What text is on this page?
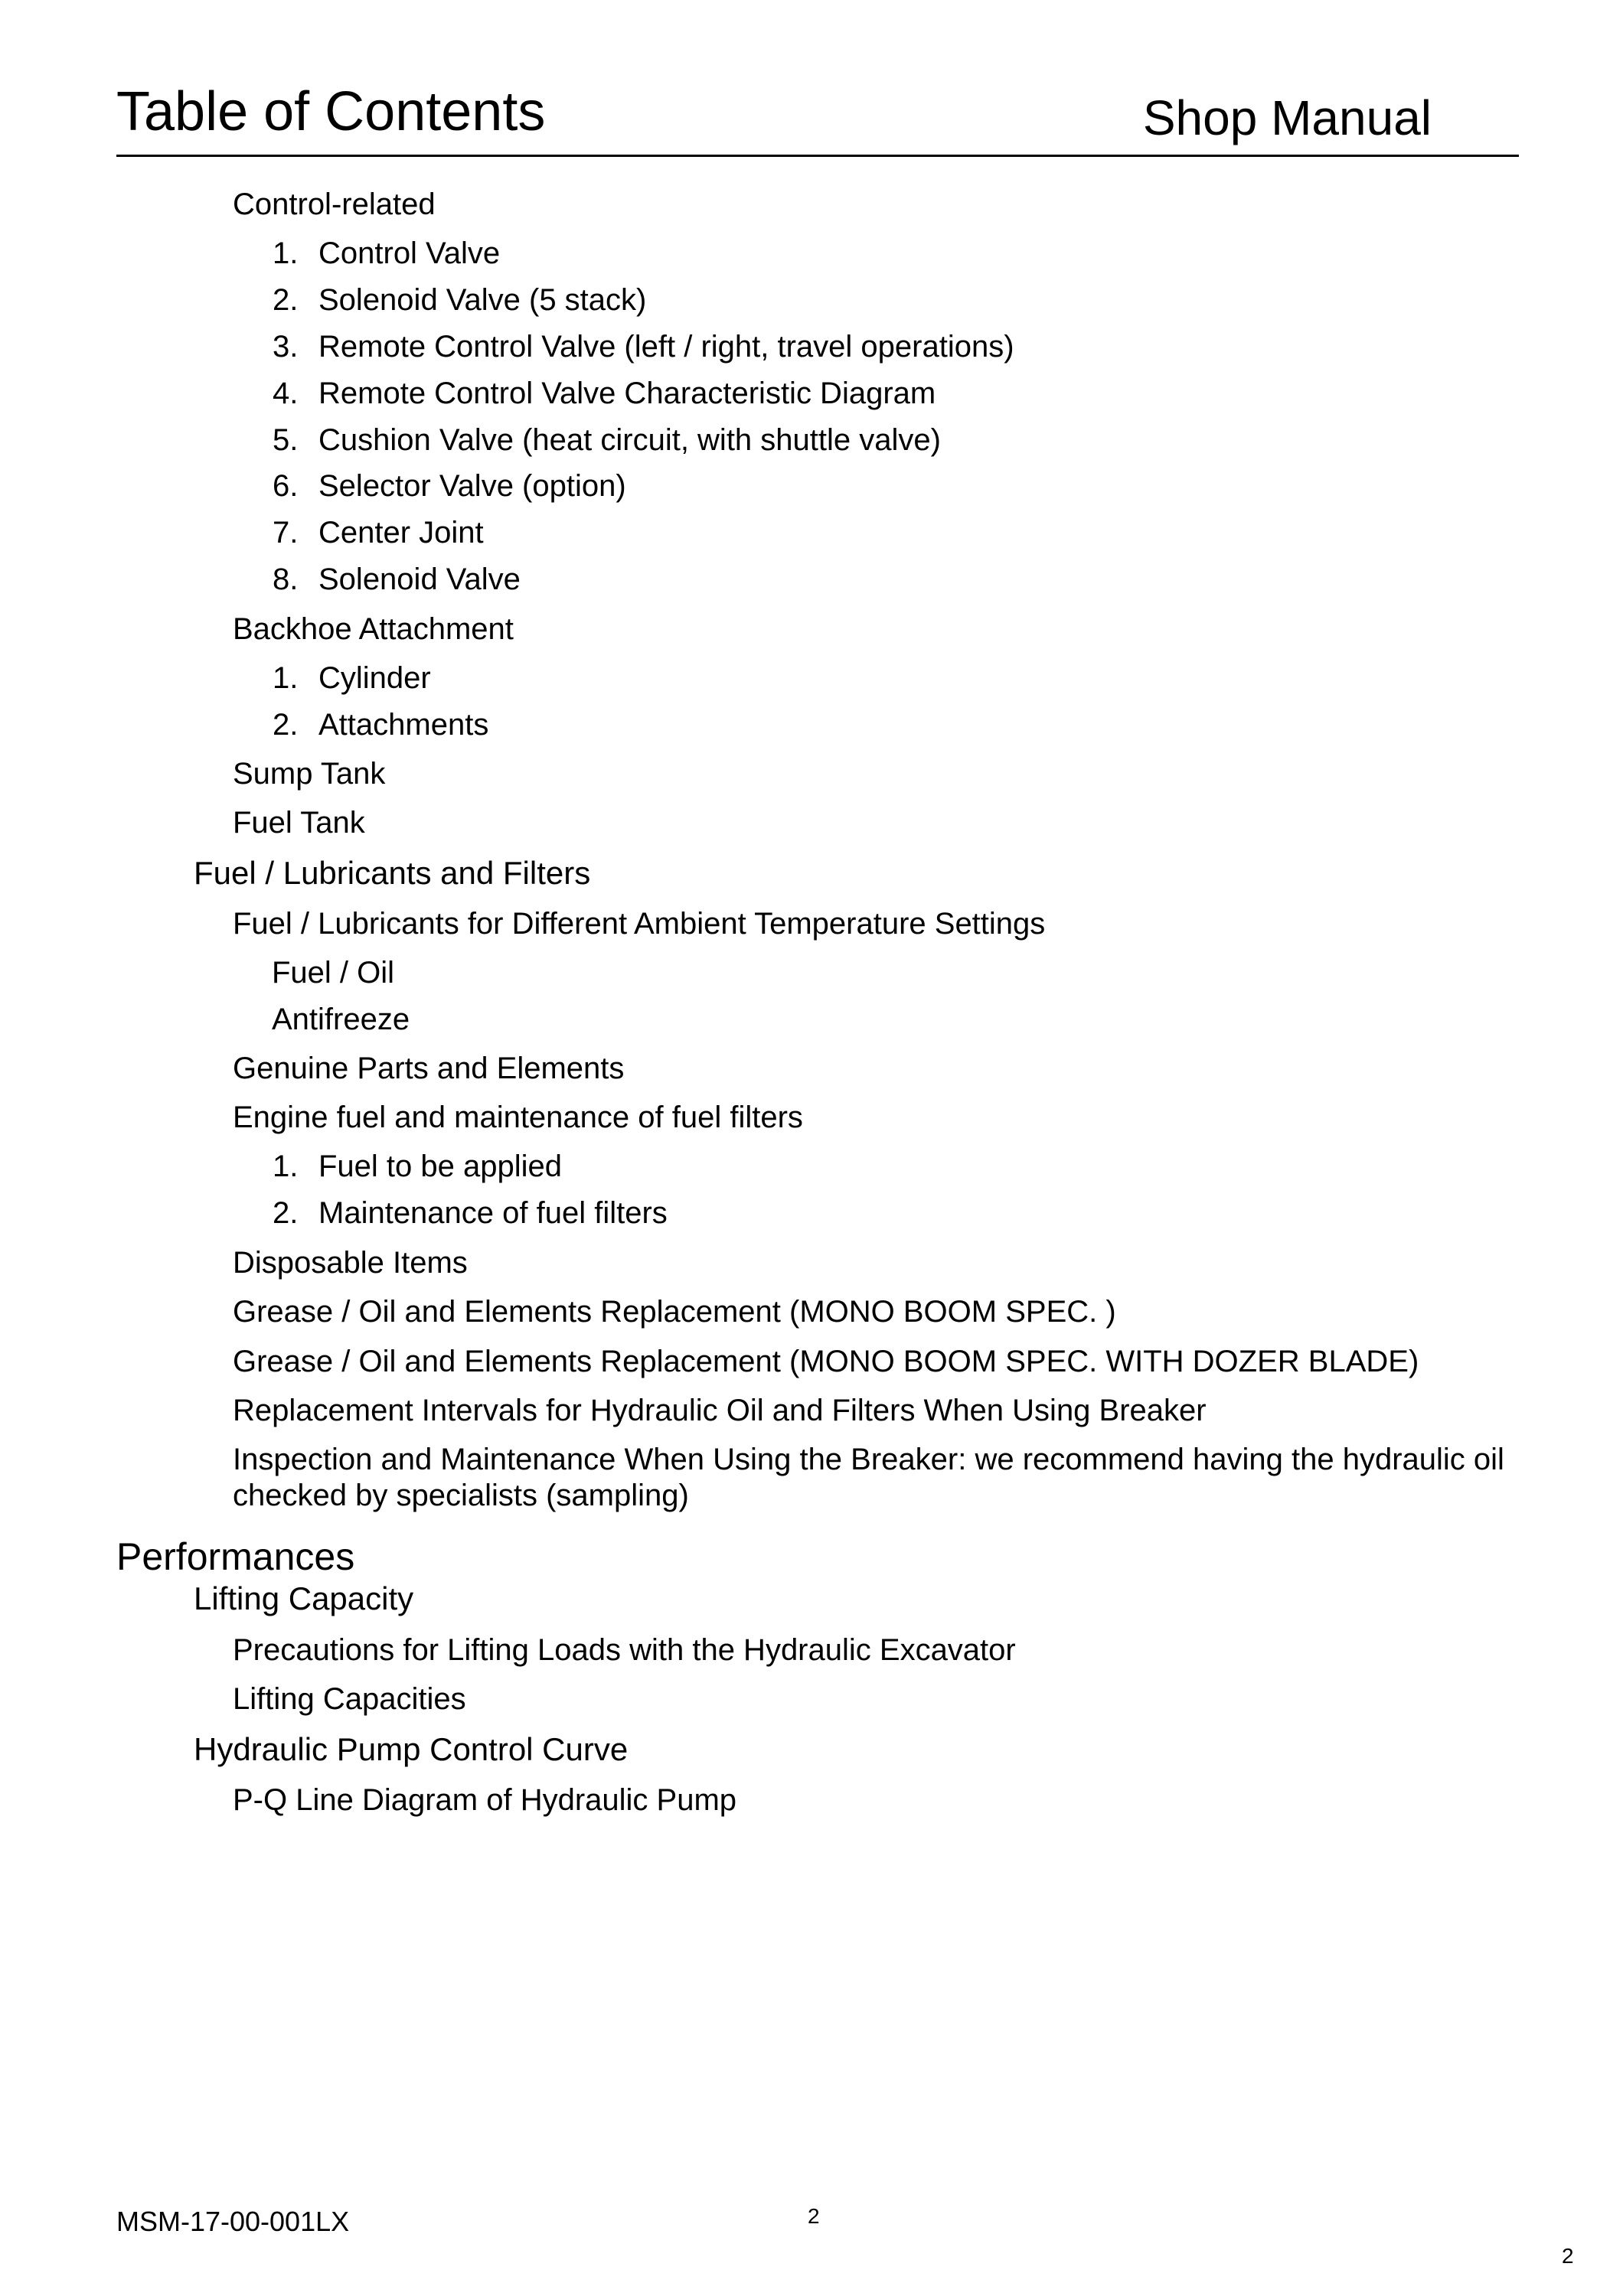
Table of Contents	Shop Manual
Control-related
1. Control Valve
2. Solenoid Valve (5 stack)
3. Remote Control Valve (left / right, travel operations)
4. Remote Control Valve Characteristic Diagram
5. Cushion Valve (heat circuit, with shuttle valve)
6. Selector Valve (option)
7. Center Joint
8. Solenoid Valve
Backhoe Attachment
1. Cylinder
2. Attachments
Sump Tank
Fuel Tank
Fuel / Lubricants and Filters
Fuel / Lubricants for Different Ambient Temperature Settings
Fuel / Oil
Antifreeze
Genuine Parts and Elements
Engine fuel and maintenance of fuel filters
1. Fuel to be applied
2. Maintenance of fuel filters
Disposable Items
Grease / Oil and Elements Replacement (MONO BOOM SPEC. )
Grease / Oil and Elements Replacement (MONO BOOM SPEC. WITH DOZER BLADE)
Replacement Intervals for Hydraulic Oil and Filters When Using Breaker
Inspection and Maintenance When Using the Breaker: we recommend having the hydraulic oil checked by specialists (sampling)
Performances
Lifting Capacity
Precautions for Lifting Loads with the Hydraulic Excavator
Lifting Capacities
Hydraulic Pump Control Curve
P-Q Line Diagram of Hydraulic Pump
MSM-17-00-001LX	2
2
